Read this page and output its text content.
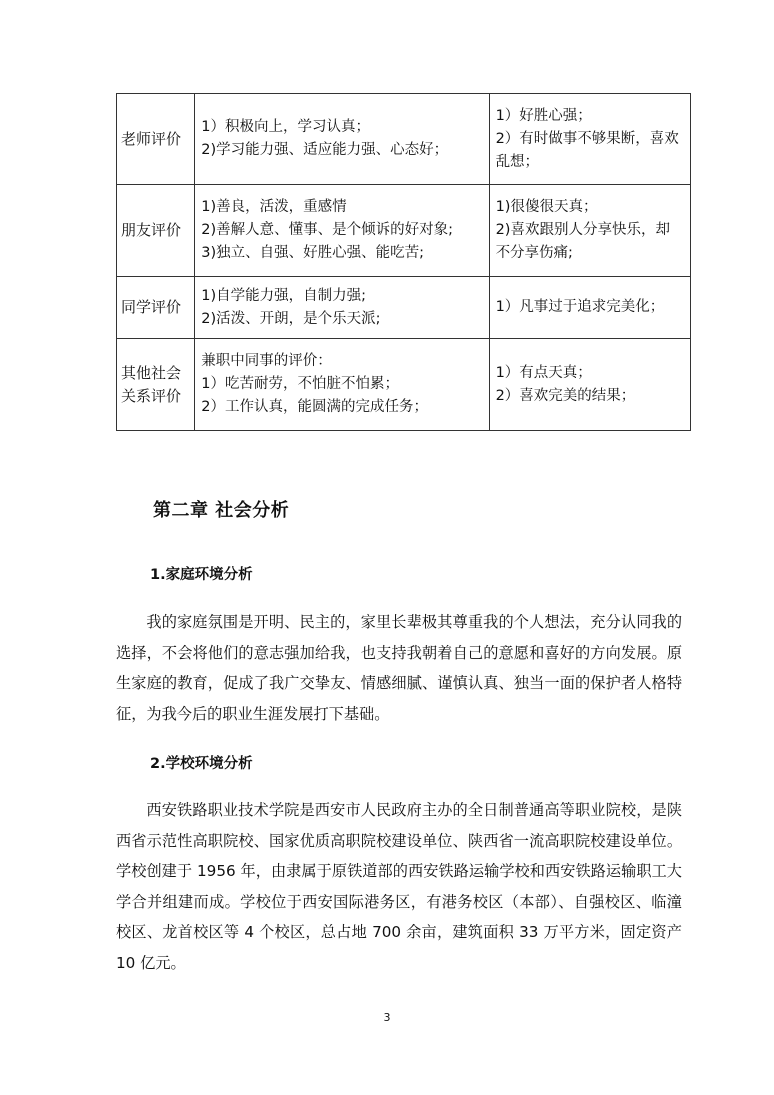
老师评价	1）积极向上，学习认真；
2)学习能力强、适应能力强、心态好；	1）好胜心强；
2）有时做事不够果断，喜欢乱想；

朋友评价	1)善良，活泼，重感情
2)善解人意、懂事、是个倾诉的好对象;
3)独立、自强、好胜心强、能吃苦;	1)很傻很天真；
2)喜欢跟别人分享快乐，却不分享伤痛;

同学评价	1)自学能力强，自制力强;
2)活泼、开朗，是个乐天派;	1）凡事过于追求完美化；

其他社会关系评价	兼职中同事的评价：
1）吃苦耐劳，不怕脏不怕累；
2）工作认真，能圆满的完成任务；	1）有点天真；
2）喜欢完美的结果；
第二章 社会分析
1.家庭环境分析

我的家庭氛围是开明、民主的，家里长辈极其尊重我的个人想法，充分认同我的选择，不会将他们的意志强加给我，也支持我朝着自己的意愿和喜好的方向发展。原生家庭的教育，促成了我广交挚友、情感细腻、谨慎认真、独当一面的保护者人格特征，为我今后的职业生涯发展打下基础。

2.学校环境分析

西安铁路职业技术学院是西安市人民政府主办的全日制普通高等职业院校，是陕西省示范性高职院校、国家优质高职院校建设单位、陕西省一流高职院校建设单位。学校创建于 1956 年，由隶属于原铁道部的西安铁路运输学校和西安铁路运输职工大学合并组建而成。学校位于西安国际港务区，有港务校区（本部）、自强校区、临潼校区、龙首校区等 4 个校区，总占地 700 余亩，建筑面积 33 万平方米，固定资产 10 亿元。

3
